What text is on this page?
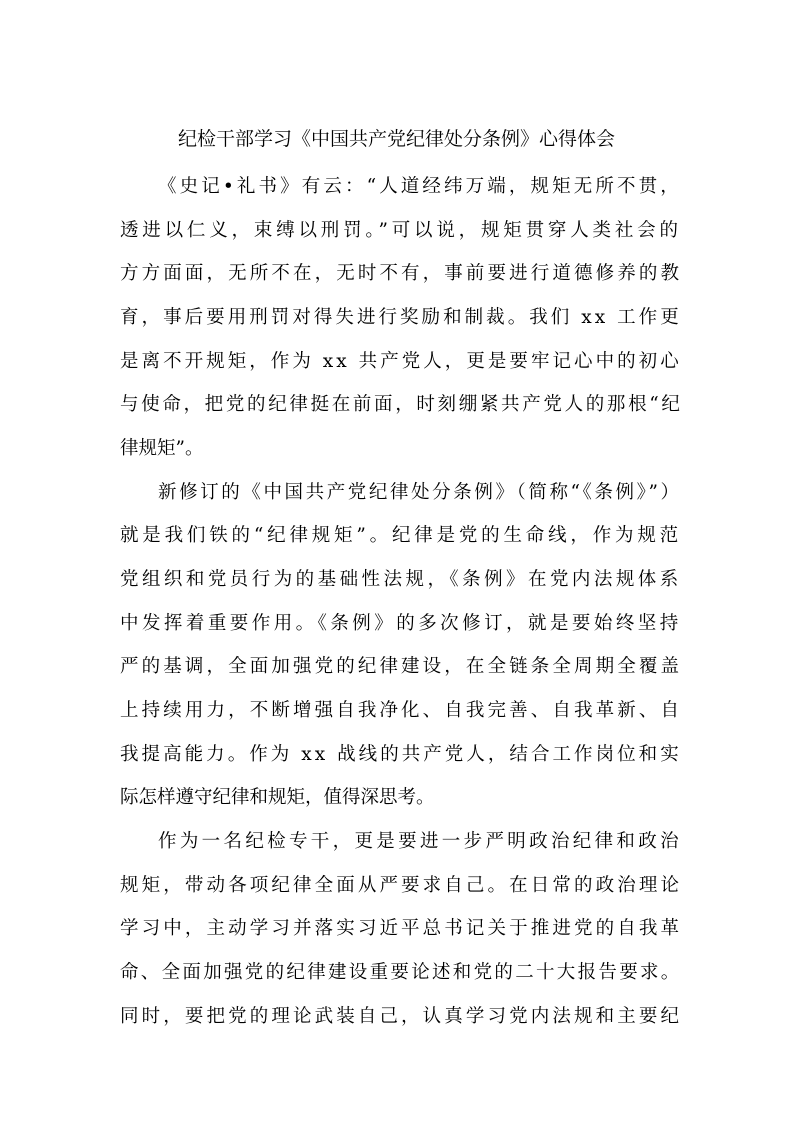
纪检干部学习《中国共产党纪律处分条例》心得体会

《史记•礼书》有云：“人道经纬万端，规矩无所不贯，

透进以仁义，束缚以刑罚。”可以说，规矩贯穿人类社会的

方方面面，无所不在，无时不有，事前要进行道德修养的教

育，事后要用刑罚对得失进行奖励和制裁。我们 xx 工作更

是离不开规矩，作为 xx 共产党人，更是要牢记心中的初心

与使命，把党的纪律挺在前面，时刻绷紧共产党人的那根“纪

律规矩”。

新修订的《中国共产党纪律处分条例》（简称“《条例》”）

就是我们铁的“纪律规矩”。纪律是党的生命线，作为规范

党组织和党员行为的基础性法规，《条例》在党内法规体系

中发挥着重要作用。《条例》的多次修订，就是要始终坚持

严的基调，全面加强党的纪律建设，在全链条全周期全覆盖

上持续用力，不断增强自我净化、自我完善、自我革新、自

我提高能力。作为 xx 战线的共产党人，结合工作岗位和实

际怎样遵守纪律和规矩，值得深思考。

作为一名纪检专干，更是要进一步严明政治纪律和政治

规矩，带动各项纪律全面从严要求自己。在日常的政治理论

学习中，主动学习并落实习近平总书记关于推进党的自我革

命、全面加强党的纪律建设重要论述和党的二十大报告要求。

同时，要把党的理论武装自己，认真学习党内法规和主要纪
